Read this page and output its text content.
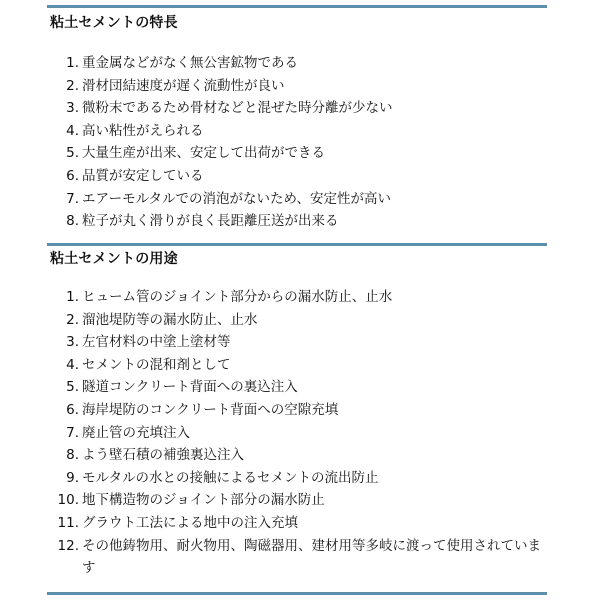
粘土セメントの特長
1. 重金属などがなく無公害鉱物である
2. 滑材団結速度が遅く流動性が良い
3. 微粉末であるため骨材などと混ぜた時分離が少ない
4. 高い粘性がえられる
5. 大量生産が出来、安定して出荷ができる
6. 品質が安定している
7. エアーモルタルでの消泡がないため、安定性が高い
8. 粒子が丸く滑りが良く長距離圧送が出来る
粘土セメントの用途
1. ヒューム管のジョイント部分からの漏水防止、止水
2. 溜池堤防等の漏水防止、止水
3. 左官材料の中塗上塗材等
4. セメントの混和剤として
5. 隧道コンクリート背面への裏込注入
6. 海岸堤防のコンクリート背面への空隙充填
7. 廃止管の充填注入
8. よう壁石積の補強裏込注入
9. モルタルの水との接触によるセメントの流出防止
10. 地下構造物のジョイント部分の漏水防止
11. グラウト工法による地中の注入充填
12. その他鋳物用、耐火物用、陶磁器用、建材用等多岐に渡って使用されています
